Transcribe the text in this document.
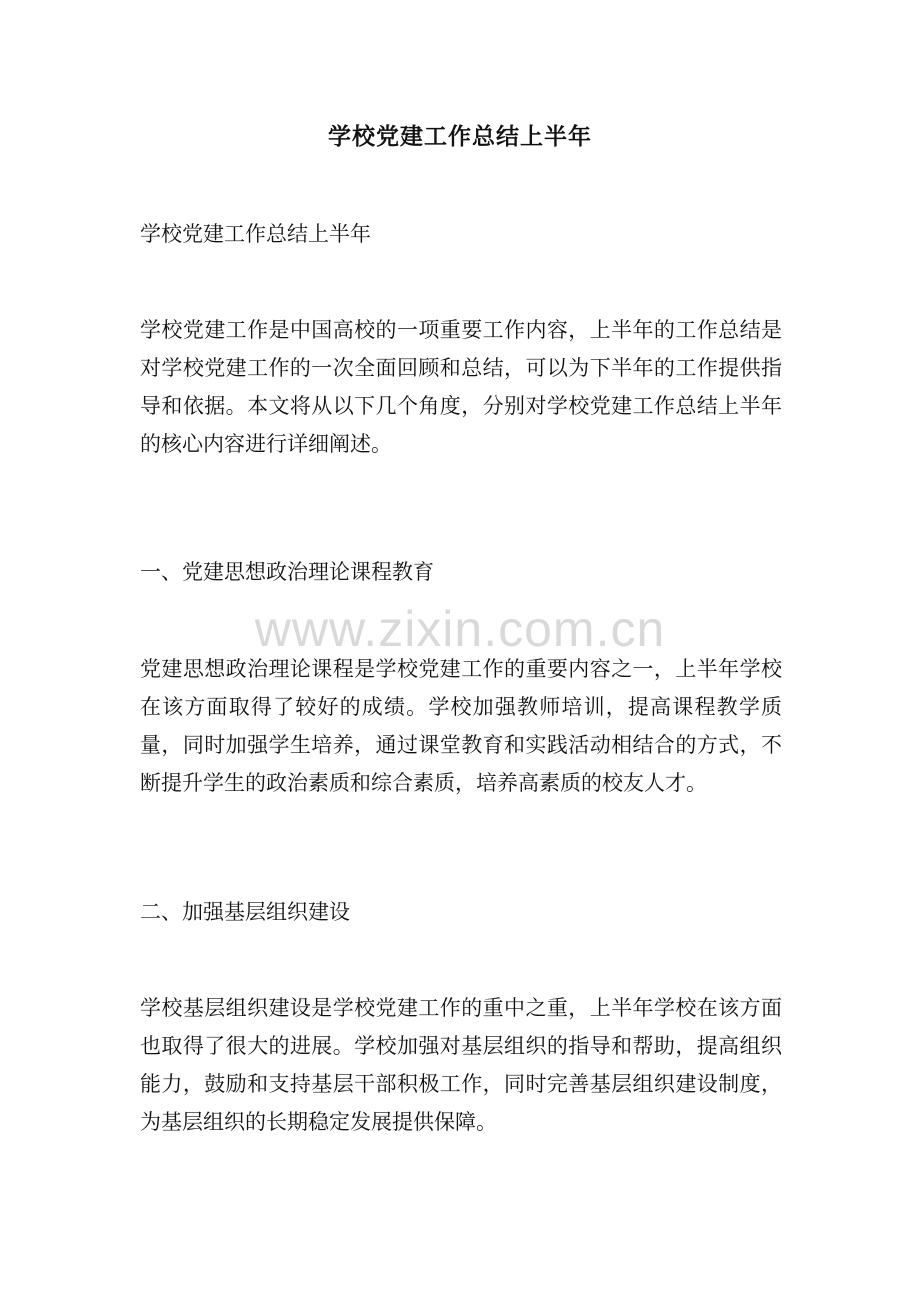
学校党建工作总结上半年

学校党建工作总结上半年

学校党建工作是中国高校的一项重要工作内容，上半年的工作总结是对学校党建工作的一次全面回顾和总结，可以为下半年的工作提供指导和依据。本文将从以下几个角度，分别对学校党建工作总结上半年的核心内容进行详细阐述。

一、党建思想政治理论课程教育

党建思想政治理论课程是学校党建工作的重要内容之一，上半年学校在该方面取得了较好的成绩。学校加强教师培训，提高课程教学质量，同时加强学生培养，通过课堂教育和实践活动相结合的方式，不断提升学生的政治素质和综合素质，培养高素质的校友人才。

二、加强基层组织建设

学校基层组织建设是学校党建工作的重中之重，上半年学校在该方面也取得了很大的进展。学校加强对基层组织的指导和帮助，提高组织能力，鼓励和支持基层干部积极工作，同时完善基层组织建设制度，为基层组织的长期稳定发展提供保障。

www.zixin.com.cn
